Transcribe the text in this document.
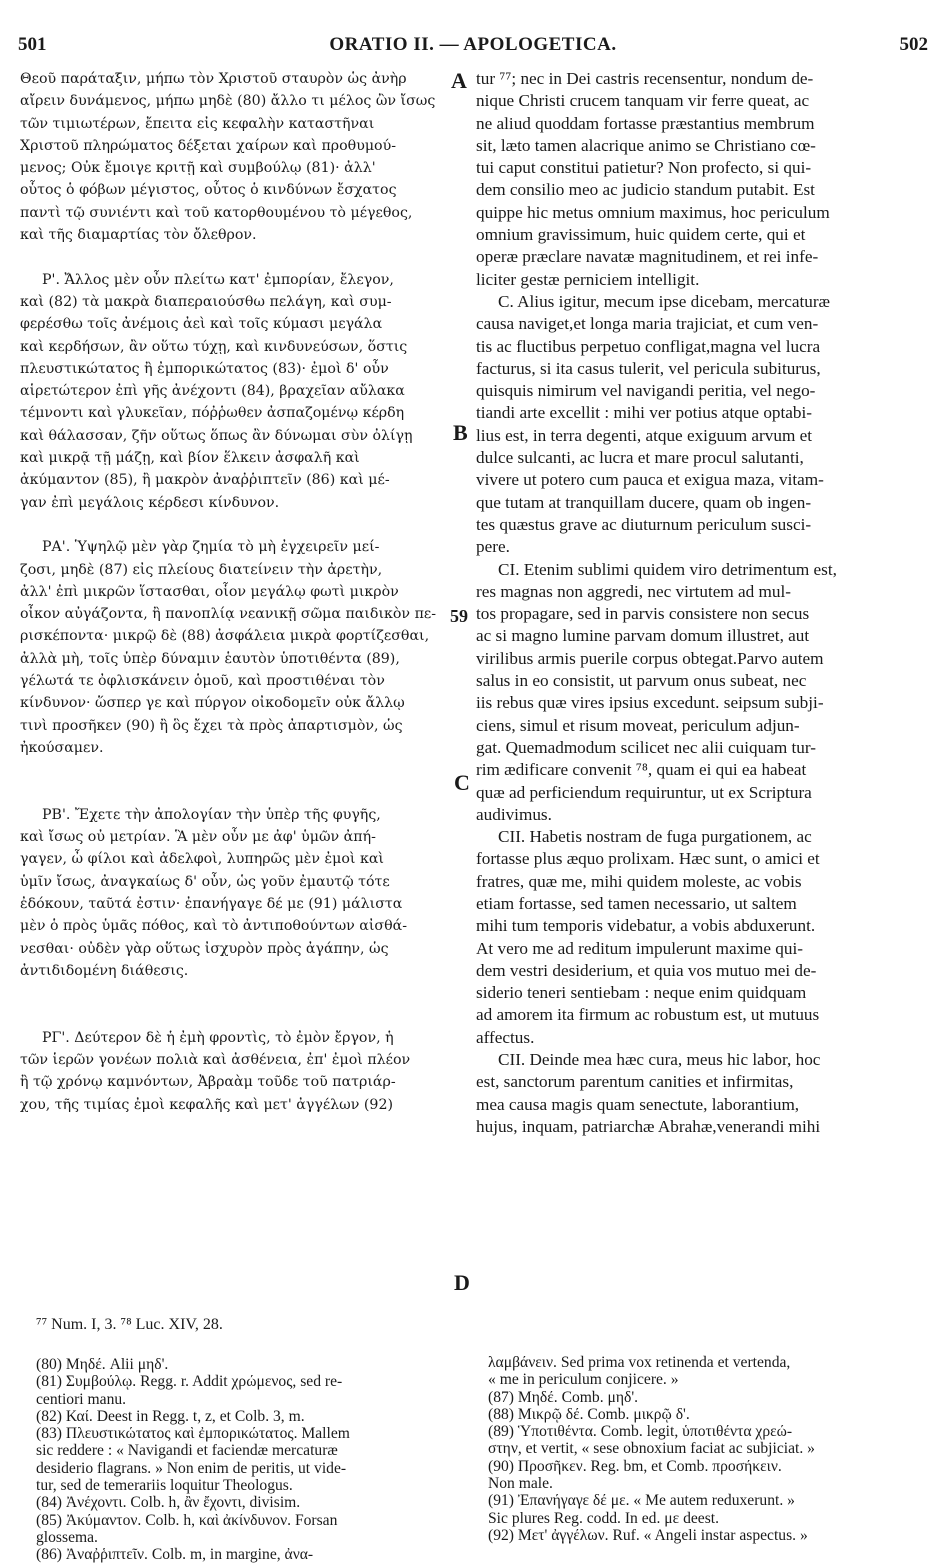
501	ORATIO II. — APOLOGETICA.	502
Θεοῦ παράταξιν, μήπω τὸν Χριστοῦ σταυρὸν ὡς ἀνὴρ
αἴρειν δυνάμενος, μήπω μηδὲ (80) ἄλλο τι μέλος ὢν ἴσως
τῶν τιμιωτέρων, ἔπειτα εἰς κεφαλὴν καταστῆναι
Χριστοῦ πληρώματος δέξεται χαίρων καὶ προθυμού-
μενος; Οὐκ ἔμοιγε κριτῇ καὶ συμβούλῳ (81)· ἀλλ'
οὗτος ὁ φόβων μέγιστος, οὗτος ὁ κινδύνων ἔσχατος
παντὶ τῷ συνιέντι καὶ τοῦ κατορθουμένου τὸ μέγεθος,
καὶ τῆς διαμαρτίας τὸν ὄλεθρον.

Ρ'. Ἄλλος μὲν οὖν πλείτω κατ' ἐμπορίαν, ἔλεγον,
καὶ (82) τὰ μακρὰ διαπεραιούσθω πελάγη, καὶ συμ-
φερέσθω τοῖς ἀνέμοις ἀεὶ καὶ τοῖς κύμασι μεγάλα
καὶ κερδήσων, ἂν οὕτω τύχῃ, καὶ κινδυνεύσων, ὅστις
πλευστικώτατος ἢ ἐμπορικώτατος (83)· ἐμοὶ δ' οὖν
αἱρετώτερον ἐπὶ γῆς ἀνέχοντι (84), βραχεῖαν αὔλακα
τέμνοντι καὶ γλυκεῖαν, πόῤῥωθεν ἀσπαζομένῳ κέρδη
καὶ θάλασσαν, ζῆν οὕτως ὅπως ἂν δύνωμαι σὺν ὀλίγῃ
καὶ μικρᾷ τῇ μάζῃ, καὶ βίον ἕλκειν ἀσφαλῆ καὶ
ἀκύμαντον (85), ἢ μακρὸν ἀναῤῥιπτεῖν (86) καὶ μέ-
γαν ἐπὶ μεγάλοις κέρδεσι κίνδυνον.

ΡΑ'. Ὑψηλῷ μὲν γὰρ ζημία τὸ μὴ ἐγχειρεῖν μεί-
ζοσι, μηδὲ (87) εἰς πλείους διατείνειν τὴν ἀρετὴν,
ἀλλ' ἐπὶ μικρῶν ἵστασθαι, οἷον μεγάλῳ φωτὶ μικρὸν
οἶκον αὐγάζοντα, ἢ πανοπλίᾳ νεανικῇ σῶμα παιδικὸν πε-
ρισκέποντα· μικρῷ δὲ (88) ἀσφάλεια μικρὰ φορτίζεσθαι,
ἀλλὰ μὴ, τοῖς ὑπὲρ δύναμιν ἑαυτὸν ὑποτιθέντα (89),
γέλωτά τε ὀφλισκάνειν ὁμοῦ, καὶ προστιθέναι τὸν
κίνδυνον· ὥσπερ γε καὶ πύργον οἰκοδομεῖν οὐκ ἄλλῳ
τινὶ προσῆκεν (90) ἢ ὃς ἔχει τὰ πρὸς ἀπαρτισμὸν, ὡς
ἠκούσαμεν.

ΡΒ'. Ἔχετε τὴν ἀπολογίαν τὴν ὑπὲρ τῆς φυγῆς,
καὶ ἴσως οὐ μετρίαν. Ἃ μὲν οὖν με ἀφ' ὑμῶν ἀπή-
γαγεν, ὦ φίλοι καὶ ἀδελφοὶ, λυπηρῶς μὲν ἐμοὶ καὶ
ὑμῖν ἴσως, ἀναγκαίως δ' οὖν, ὡς γοῦν ἐμαυτῷ τότε
ἐδόκουν, ταῦτά ἐστιν· ἐπανήγαγε δέ με (91) μάλιστα
μὲν ὁ πρὸς ὑμᾶς πόθος, καὶ τὸ ἀντιποθούντων αἰσθά-
νεσθαι· οὐδὲν γὰρ οὕτως ἰσχυρὸν πρὸς ἀγάπην, ὡς
ἀντιδιδομένη διάθεσις.

ΡΓ'. Δεύτερον δὲ ἡ ἐμὴ φροντὶς, τὸ ἐμὸν ἔργον, ἡ
τῶν ἱερῶν γονέων πολιὰ καὶ ἀσθένεια, ἐπ' ἐμοὶ πλέον
ἢ τῷ χρόνῳ καμνόντων, Ἀβραὰμ τοῦδε τοῦ πατριάρ-
χου, τῆς τιμίας ἐμοὶ κεφαλῆς καὶ μετ' ἀγγέλων (92)
tur ⁷⁷; nec in Dei castris recensentur, nondum de-
nique Christi crucem tanquam vir ferre queat, ac
ne aliud quoddam fortasse præstantius membrum
sit, læto tamen alacrique animo se Christiano cœ-
tui caput constitui patietur? Non profecto, si qui-
dem consilio meo ac judicio standum putabit. Est
quippe hic metus omnium maximus, hoc periculum
omnium gravissimum, huic quidem certe, qui et
operæ præclare navatæ magnitudinem, et rei infe-
liciter gestæ perniciem intelligit.
C. Alius igitur, mecum ipse dicebam, mercaturæ
causa naviget,et longa maria trajiciat, et cum ven-
tis ac fluctibus perpetuo confligat,magna vel lucra
facturus, si ita casus tulerit, vel pericula subiturus,
quisquis nimirum vel navigandi peritia, vel nego-
tiandi arte excellit : mihi ver potius atque optabi-
lius est, in terra degenti, atque exiguum arvum et
dulce sulcanti, ac lucra et mare procul salutanti,
vivere ut potero cum pauca et exigua maza, vitam-
que tutam at tranquillam ducere, quam ob ingen-
tes quæstus grave ac diuturnum periculum susci-
pere.
CI. Etenim sublimi quidem viro detrimentum est,
res magnas non aggredi, nec virtutem ad mul-
tos propagare, sed in parvis consistere non secus
ac si magno lumine parvam domum illustret, aut
virilibus armis puerile corpus obtegat.Parvo autem
salus in eo consistit, ut parvum onus subeat, nec
iis rebus quæ vires ipsius excedunt. seipsum subji-
ciens, simul et risum moveat, periculum adjun-
gat. Quemadmodum scilicet nec alii cuiquam tur-
rim ædificare convenit ⁷⁸, quam ei qui ea habeat
quæ ad perficiendum requiruntur, ut ex Scriptura
audivimus.
CII. Habetis nostram de fuga purgationem, ac
fortasse plus æquo prolixam. Hæc sunt, o amici et
fratres, quæ me, mihi quidem moleste, ac vobis
etiam fortasse, sed tamen necessario, ut saltem
mihi tum temporis videbatur, a vobis abduxerunt.
At vero me ad reditum impulerunt maxime qui-
dem vestri desiderium, et quia vos mutuo mei de-
siderio teneri sentiebam : neque enim quidquam
ad amorem ita firmum ac robustum est, ut mutuus
affectus.
CII. Deinde mea hæc cura, meus hic labor, hoc
est, sanctorum parentum canities et infirmitas,
mea causa magis quam senectute, laborantium,
hujus, inquam, patriarchæ Abrahæ,venerandi mihi
A
B
C
D
59
⁷⁷ Num. I, 3. ⁷⁸ Luc. XIV, 28.
(80) Μηδέ. Alii μηδ'.
(81) Συμβούλῳ. Regg. r. Addit χρώμενος, sed re-
centiori manu.
(82) Καί. Deest in Regg. t, z, et Colb. 3, m.
(83) Πλευστικώτατος καὶ ἐμπορικώτατος. Mallem
sic reddere : « Navigandi et faciendæ mercaturæ
desiderio flagrans. » Non enim de peritis, ut vide-
tur, sed de temerariis loquitur Theologus.
(84) Ἀνέχοντι. Colb. h, ἂν ἔχοντι, divisim.
(85) Ἀκύμαντον. Colb. h, καὶ ἀκίνδυνον. Forsan
glossema.
(86) Ἀναῤῥιπτεῖν. Colb. m, in margine, ἀνα-
λαμβάνειν. Sed prima vox retinenda et vertenda,
« me in periculum conjicere. »
(87) Μηδέ. Comb. μηδ'.
(88) Μικρῷ δέ. Comb. μικρῷ δ'.
(89) Ὑποτιθέντα. Comb. legit, ὑποτιθέντα χρεώ-
στην, et vertit, « sese obnoxium faciat ac subjiciat. »
(90) Προσῆκεν. Reg. bm, et Comb. προσήκειν.
Non male.
(91) Ἐπανήγαγε δέ με. « Me autem reduxerunt. »
Sic plures Reg. codd. In ed. με deest.
(92) Μετ' ἀγγέλων. Ruf. « Angeli instar aspectus. »
